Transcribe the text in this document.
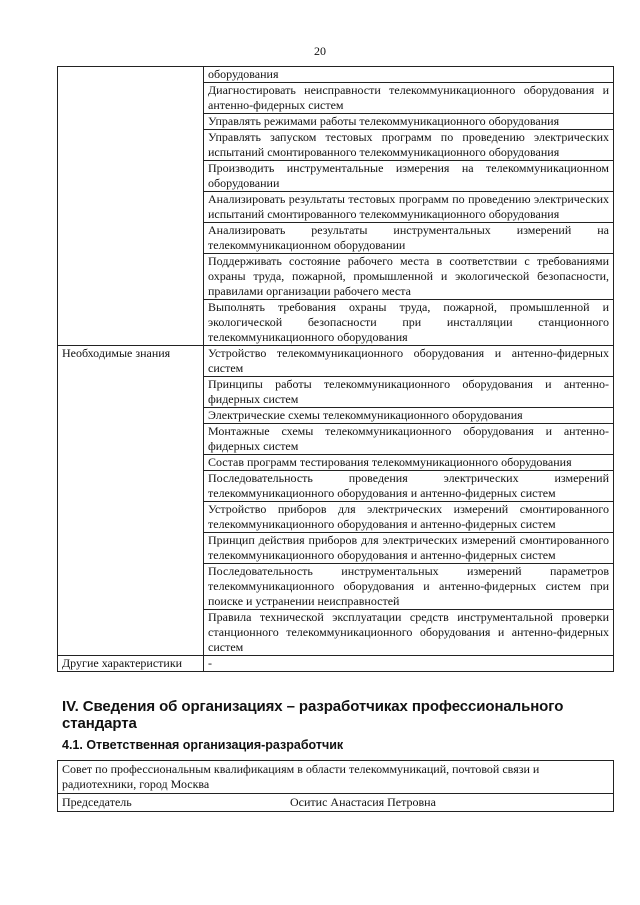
20
	оборудования
	Диагностировать неисправности телекоммуникационного оборудования и антенно-фидерных систем
	Управлять режимами работы телекоммуникационного оборудования
	Управлять запуском тестовых программ по проведению электрических испытаний смонтированного телекоммуникационного оборудования
	Производить инструментальные измерения на телекоммуникационном оборудовании
	Анализировать результаты тестовых программ по проведению электрических испытаний смонтированного телекоммуникационного оборудования
	Анализировать результаты инструментальных измерений на телекоммуникационном оборудовании
	Поддерживать состояние рабочего места в соответствии с требованиями охраны труда, пожарной, промышленной и экологической безопасности, правилами организации рабочего места
	Выполнять требования охраны труда, пожарной, промышленной и экологической безопасности при инсталляции станционного телекоммуникационного оборудования
Необходимые знания	Устройство телекоммуникационного оборудования и антенно-фидерных систем
	Принципы работы телекоммуникационного оборудования и антенно-фидерных систем
	Электрические схемы телекоммуникационного оборудования
	Монтажные схемы телекоммуникационного оборудования и антенно-фидерных систем
	Состав программ тестирования телекоммуникационного оборудования
	Последовательность проведения электрических измерений телекоммуникационного оборудования и антенно-фидерных систем
	Устройство приборов для электрических измерений смонтированного телекоммуникационного оборудования и антенно-фидерных систем
	Принцип действия приборов для электрических измерений смонтированного телекоммуникационного оборудования и антенно-фидерных систем
	Последовательность инструментальных измерений параметров телекоммуникационного оборудования и антенно-фидерных систем при поиске и устранении неисправностей
	Правила технической эксплуатации средств инструментальной проверки станционного телекоммуникационного оборудования и антенно-фидерных систем
Другие характеристики	-
IV. Сведения об организациях – разработчиках профессионального стандарта
4.1. Ответственная организация-разработчик
Совет по профессиональным квалификациям в области телекоммуникаций, почтовой связи и радиотехники, город Москва

Председатель	Оситис Анастасия Петровна
